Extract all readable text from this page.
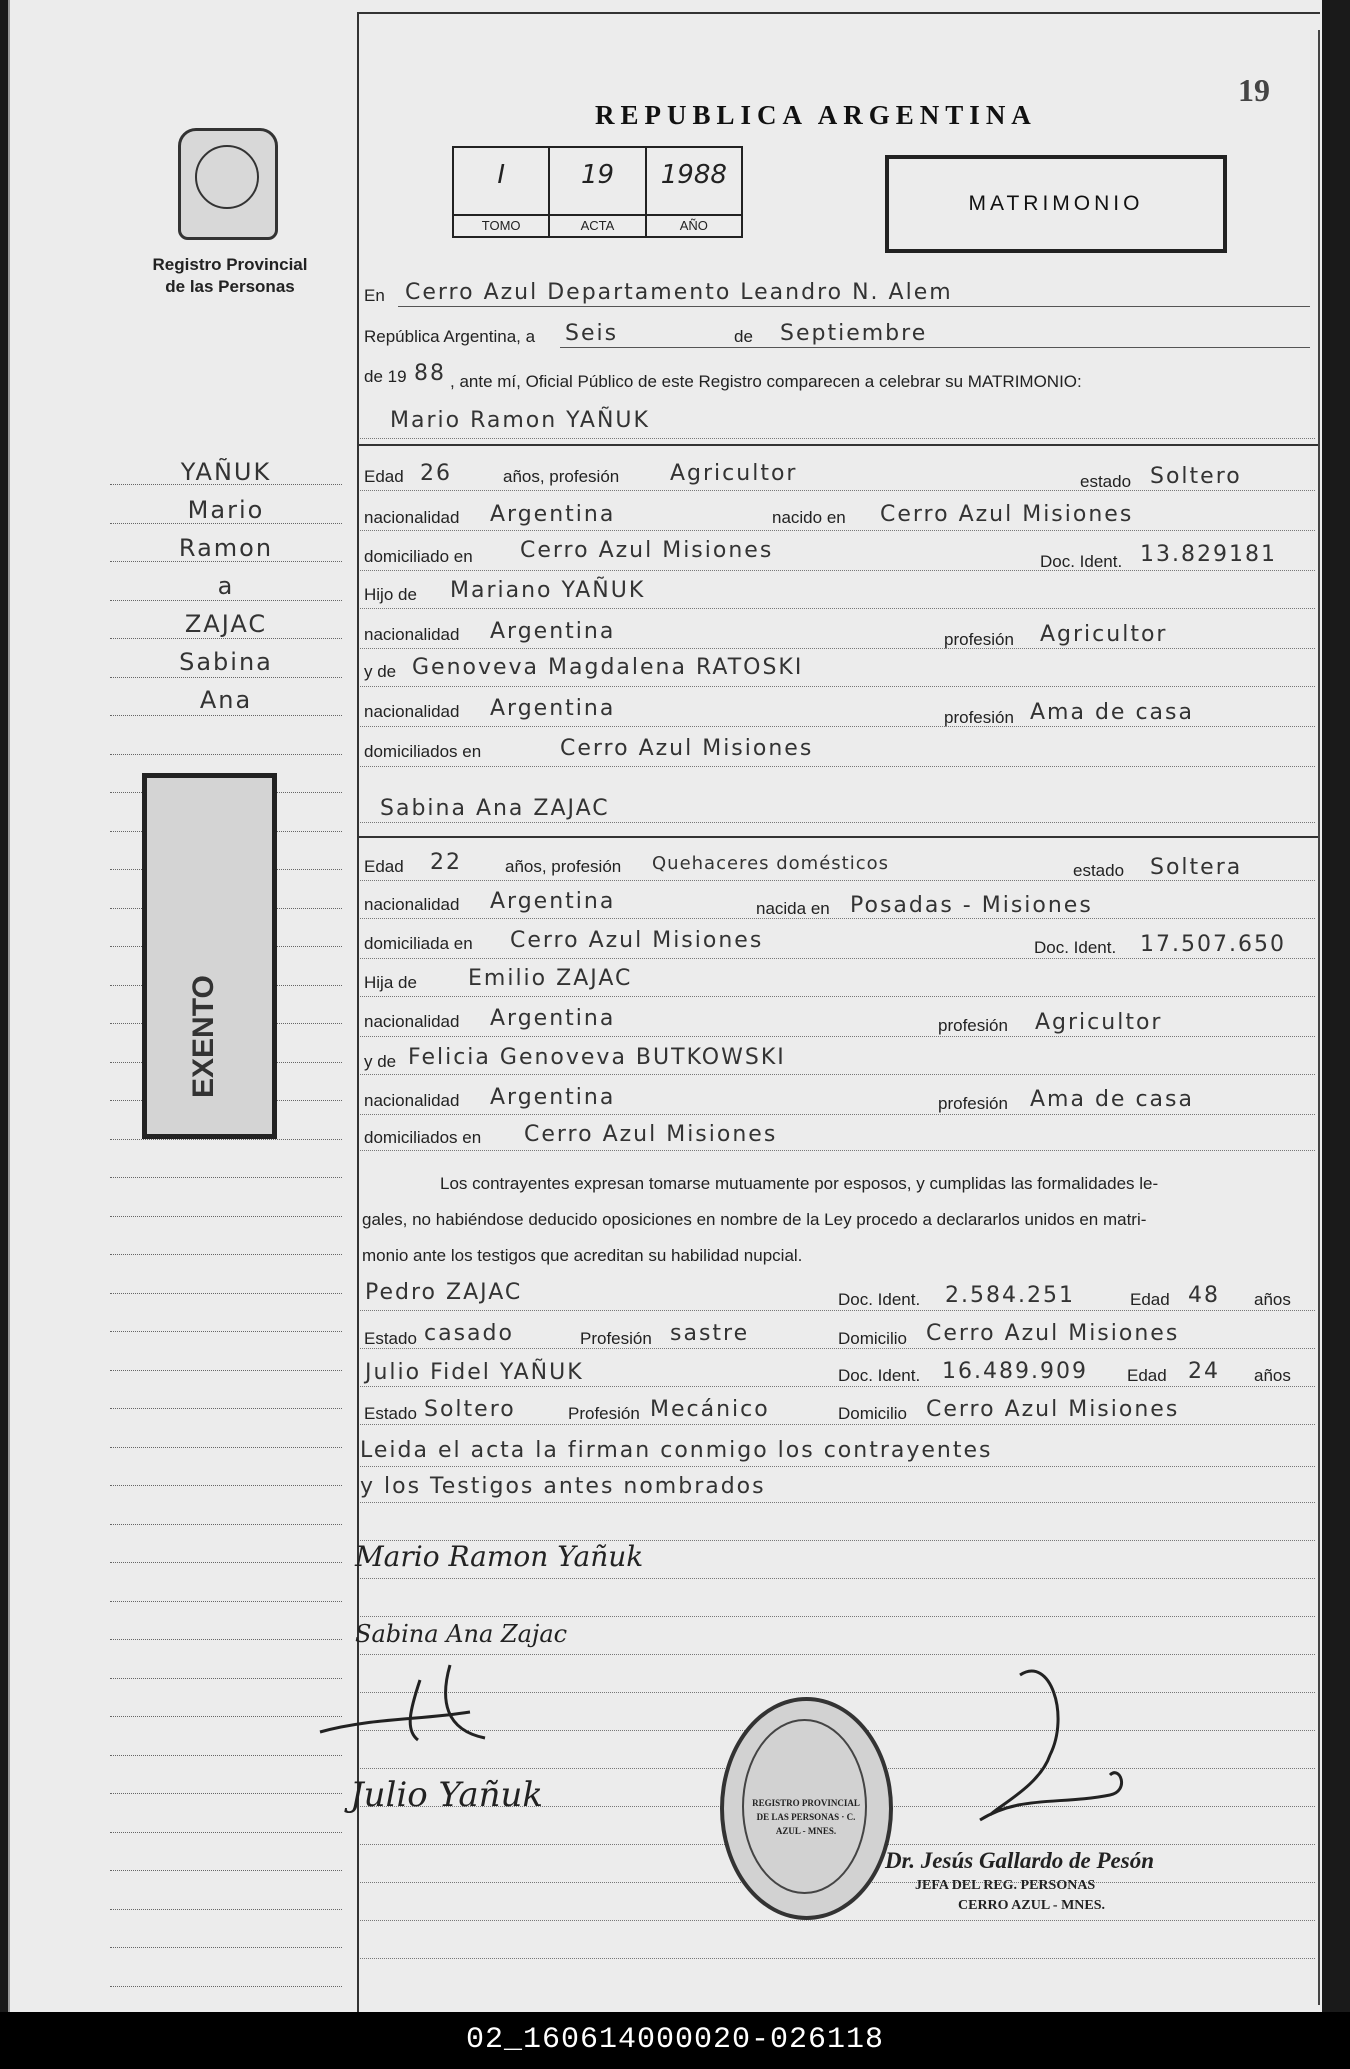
Registro Provincial
de las Personas
YAÑUK
Mario
Ramon
a
ZAJAC
Sabina
Ana
EXENTO
19
REPUBLICA ARGENTINA
I
TOMO
19
ACTA
1988
AÑO
MATRIMONIO
En Cerro Azul Departamento Leandro N. Alem
República Argentina, a Seis	de Septiembre
de 19 88 , ante mí, Oficial Público de este Registro comparecen a celebrar su MATRIMONIO:
Mario Ramon YAÑUK
Edad 26	años, profesión Agricultor	estado Soltero
nacionalidad Argentina	nacido en Cerro Azul Misiones
domiciliado en Cerro Azul Misiones	Doc. Ident. 13.829181
Hijo de Mariano YAÑUK
nacionalidad Argentina	profesión Agricultor
y de Genoveva Magdalena RATOSKI
nacionalidad Argentina	profesión Ama de casa
domiciliados en	Cerro Azul Misiones
Sabina Ana ZAJAC
Edad 22	años, profesión Quehaceres domésticos	estado Soltera
nacionalidad Argentina	nacida en Posadas - Misiones
domiciliada en Cerro Azul Misiones	Doc. Ident. 17.507.650
Hija de Emilio ZAJAC
nacionalidad Argentina	profesión Agricultor
y de Felicia Genoveva BUTKOWSKI
nacionalidad Argentina	profesión Ama de casa
domiciliados en Cerro Azul Misiones
Los contrayentes expresan tomarse mutuamente por esposos, y cumplidas las formalidades le-
gales, no habiéndose deducido oposiciones en nombre de la Ley procedo a declararlos unidos en matri-
monio ante los testigos que acreditan su habilidad nupcial.
Pedro ZAJAC	Doc. Ident. 2.584.251	Edad 48 años
Estado casado	Profesión sastre	Domicilio Cerro Azul Misiones
Julio Fidel YAÑUK	Doc. Ident. 16.489.909 Edad 24 años
Estado Soltero	Profesión Mecánico	Domicilio Cerro Azul Misiones
Leida el acta la firman conmigo los contrayentes
y los Testigos antes nombrados
Mario Ramon Yañuk
Sabina Ana Zajac
Julio Yañuk	REGISTRO PROVINCIAL DE LAS PERSONAS · C. AZUL - MNES.
Dr. Jesús Gallardo de Pesón
JEFA DEL REG. PERSONAS
CERRO AZUL - MNES.
02_160614000020-026118
